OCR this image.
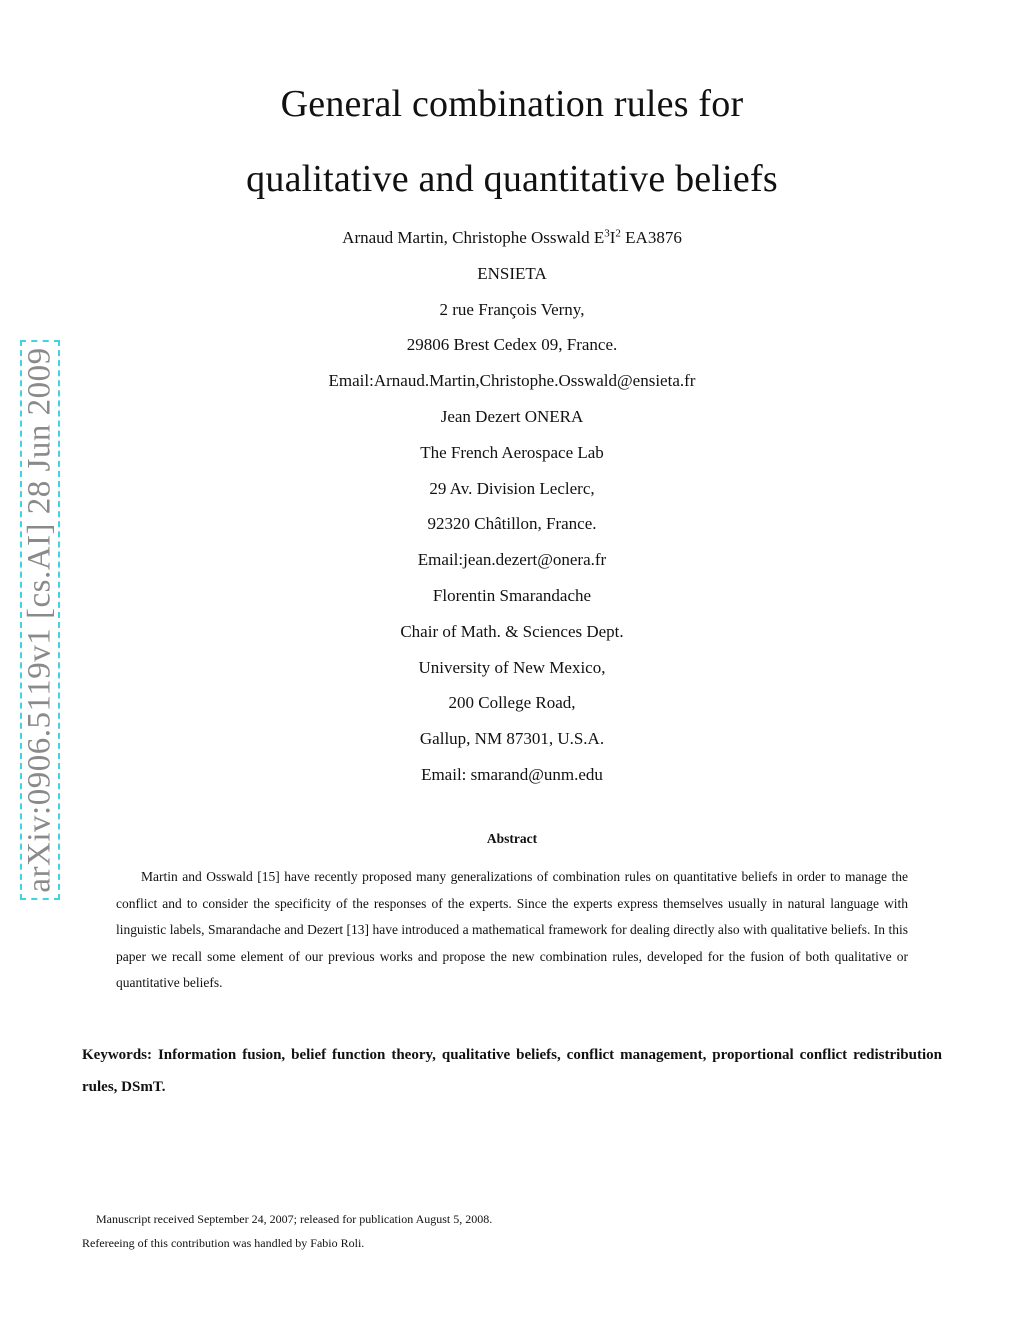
arXiv:0906.5119v1 [cs.AI] 28 Jun 2009
General combination rules for
qualitative and quantitative beliefs
Arnaud Martin, Christophe Osswald $E^3I^2$ EA3876
ENSIETA
2 rue François Verny,
29806 Brest Cedex 09, France.
Email:Arnaud.Martin,Christophe.Osswald@ensieta.fr
Jean Dezert ONERA
The French Aerospace Lab
29 Av. Division Leclerc,
92320 Châtillon, France.
Email:jean.dezert@onera.fr
Florentin Smarandache
Chair of Math. & Sciences Dept.
University of New Mexico,
200 College Road,
Gallup, NM 87301, U.S.A.
Email: smarand@unm.edu
Abstract

Martin and Osswald [15] have recently proposed many generalizations of combination rules on quantitative beliefs in order to manage the conflict and to consider the specificity of the responses of the experts. Since the experts express themselves usually in natural language with linguistic labels, Smarandache and Dezert [13] have introduced a mathematical framework for dealing directly also with qualitative beliefs. In this paper we recall some element of our previous works and propose the new combination rules, developed for the fusion of both qualitative or quantitative beliefs.

Keywords: Information fusion, belief function theory, qualitative beliefs, conflict management, proportional conflict redistribution rules, DSmT.

Manuscript received September 24, 2007; released for publication August 5, 2008.
Refereeing of this contribution was handled by Fabio Roli.
